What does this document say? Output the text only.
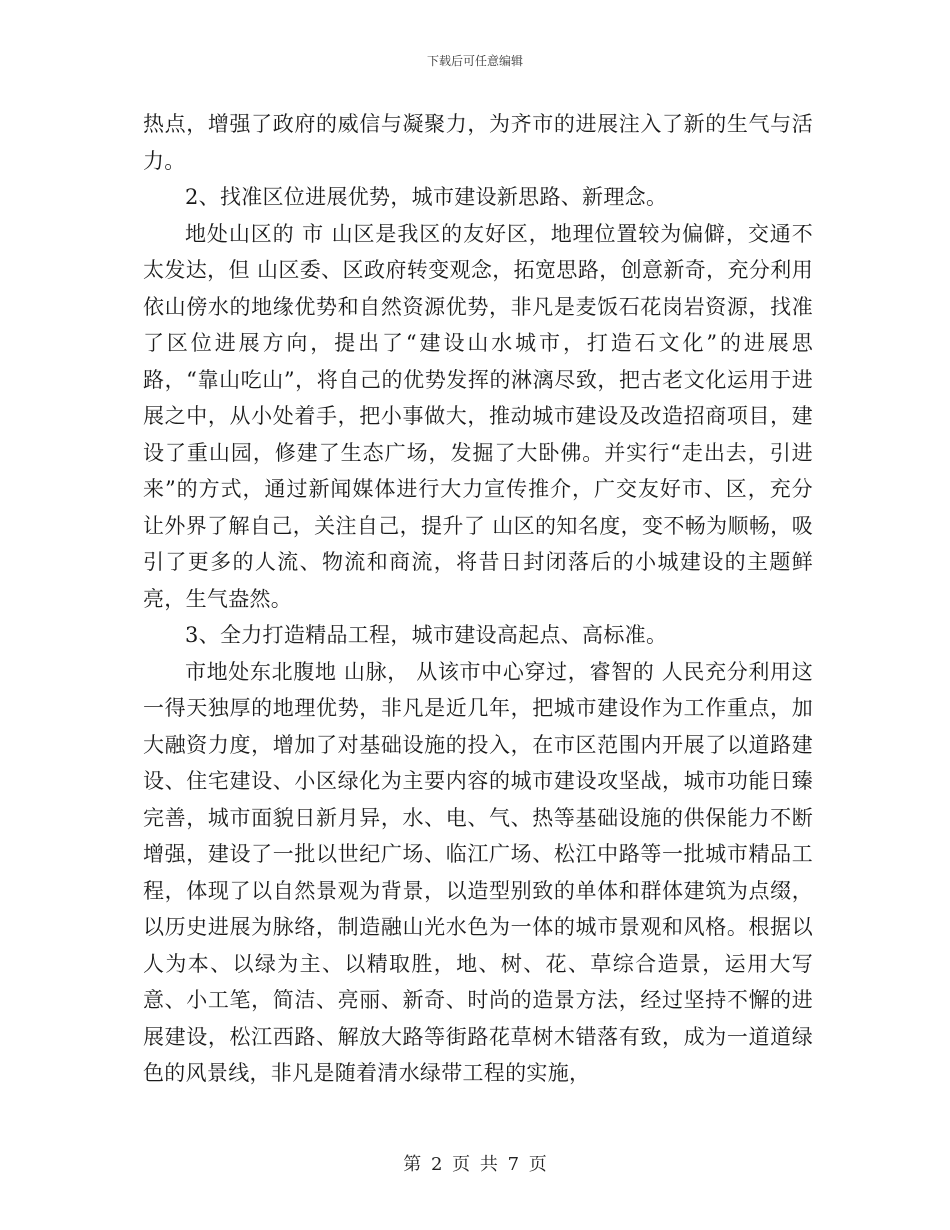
下载后可任意编辑

热点，增强了政府的威信与凝聚力，为齐市的进展注入了新的生气与活力。

2、找准区位进展优势，城市建设新思路、新理念。

地处山区的 市 山区是我区的友好区，地理位置较为偏僻，交通不太发达，但 山区委、区政府转变观念，拓宽思路，创意新奇，充分利用依山傍水的地缘优势和自然资源优势，非凡是麦饭石花岗岩资源，找准了区位进展方向，提出了“建设山水城市，打造石文化”的进展思路，“靠山吃山”，将自己的优势发挥的淋漓尽致，把古老文化运用于进展之中，从小处着手，把小事做大，推动城市建设及改造招商项目，建设了重山园，修建了生态广场，发掘了大卧佛。并实行“走出去，引进来”的方式，通过新闻媒体进行大力宣传推介，广交友好市、区，充分让外界了解自己，关注自己，提升了 山区的知名度，变不畅为顺畅，吸引了更多的人流、物流和商流，将昔日封闭落后的小城建设的主题鲜亮，生气盎然。

3、全力打造精品工程，城市建设高起点、高标准。

市地处东北腹地 山脉， 从该市中心穿过，睿智的 人民充分利用这一得天独厚的地理优势，非凡是近几年，把城市建设作为工作重点，加大融资力度，增加了对基础设施的投入，在市区范围内开展了以道路建设、住宅建设、小区绿化为主要内容的城市建设攻坚战，城市功能日臻完善，城市面貌日新月异，水、电、气、热等基础设施的供保能力不断增强，建设了一批以世纪广场、临江广场、松江中路等一批城市精品工程，体现了以自然景观为背景，以造型别致的单体和群体建筑为点缀，以历史进展为脉络，制造融山光水色为一体的城市景观和风格。根据以人为本、以绿为主、以精取胜，地、树、花、草综合造景，运用大写意、小工笔，简洁、亮丽、新奇、时尚的造景方法，经过坚持不懈的进展建设，松江西路、解放大路等街路花草树木错落有致，成为一道道绿色的风景线，非凡是随着清水绿带工程的实施，

第 2 页 共 7 页
